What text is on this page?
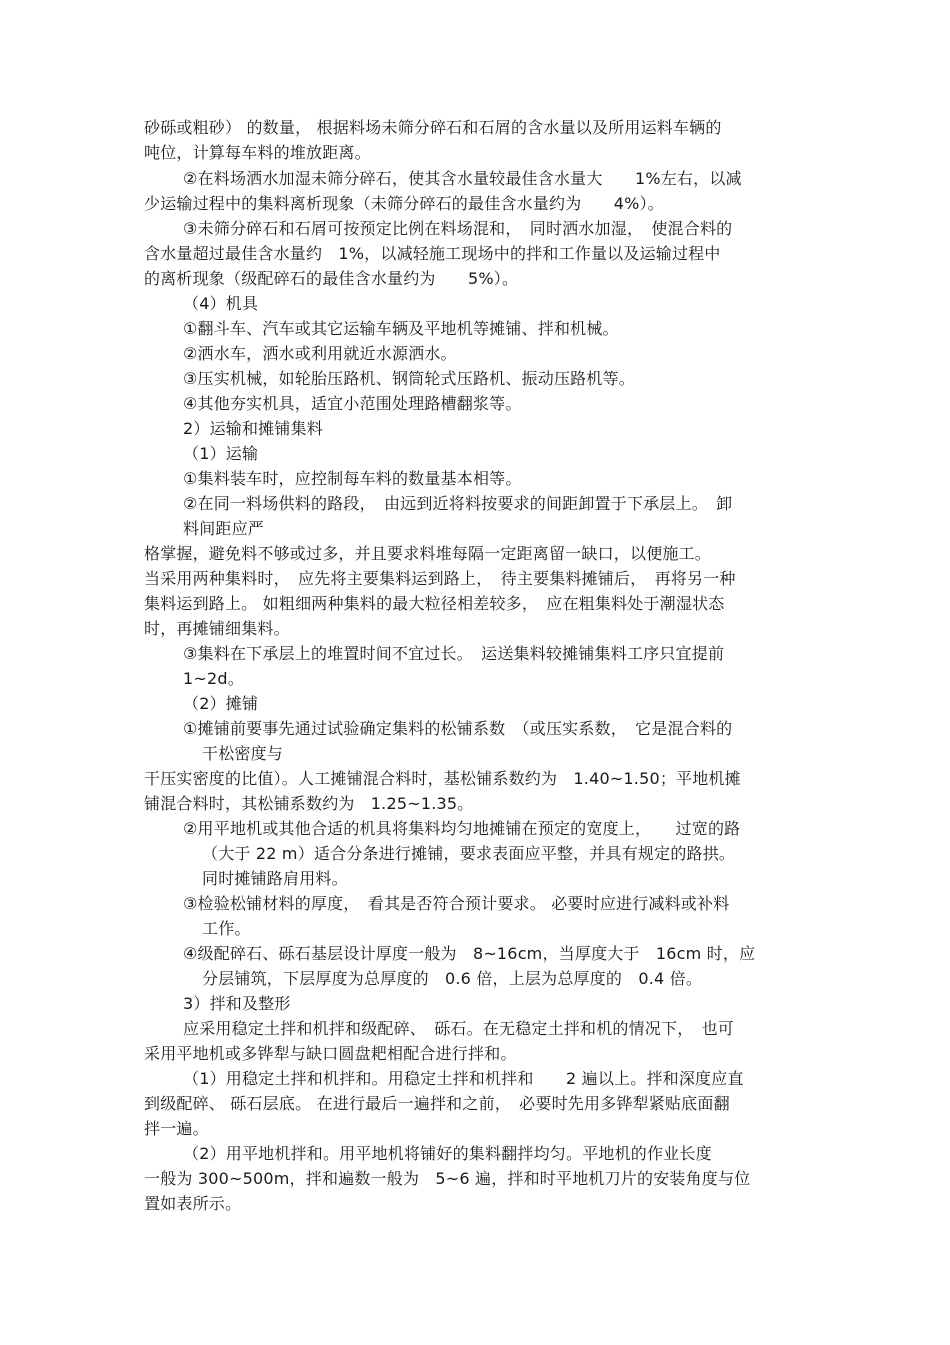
砂砾或粗砂） 的数量， 根据料场未筛分碎石和石屑的含水量以及所用运料车辆的
吨位，计算每车料的堆放距离。
②在料场洒水加湿未筛分碎石，使其含水量较最佳含水量大　　1%左右，以减
少运输过程中的集料离析现象（未筛分碎石的最佳含水量约为　　4%）。
③未筛分碎石和石屑可按预定比例在料场混和，　同时洒水加湿，　使混合料的
含水量超过最佳含水量约　1%，以减轻施工现场中的拌和工作量以及运输过程中
的离析现象（级配碎石的最佳含水量约为　　5%）。
（4）机具
①翻斗车、汽车或其它运输车辆及平地机等摊铺、拌和机械。
②洒水车，洒水或利用就近水源洒水。
③压实机械，如轮胎压路机、钢筒轮式压路机、振动压路机等。
④其他夯实机具，适宜小范围处理路槽翻浆等。
2）运输和摊铺集料
（1）运输
①集料装车时，应控制每车料的数量基本相等。
②在同一料场供料的路段，　由远到近将料按要求的间距卸置于下承层上。　卸
料间距应严
格掌握，避免料不够或过多，并且要求料堆每隔一定距离留一缺口，以便施工。
当采用两种集料时，　应先将主要集料运到路上，　待主要集料摊铺后，　再将另一种
集料运到路上。 如粗细两种集料的最大粒径相差较多，　应在粗集料处于潮湿状态
时，再摊铺细集料。
③集料在下承层上的堆置时间不宜过长。　运送集料较摊铺集料工序只宜提前
1~2d。
（2）摊铺
①摊铺前要事先通过试验确定集料的松铺系数　（或压实系数，　它是混合料的
干松密度与
干压实密度的比值）。人工摊铺混合料时，基松铺系数约为　1.40~1.50；平地机摊
铺混合料时，其松铺系数约为　1.25~1.35。
②用平地机或其他合适的机具将集料均匀地摊铺在预定的宽度上，　　过宽的路
（大于 22 m）适合分条进行摊铺，要求表面应平整，并具有规定的路拱。
同时摊铺路肩用料。
③检验松铺材料的厚度，　看其是否符合预计要求。 必要时应进行减料或补料
工作。
④级配碎石、砾石基层设计厚度一般为　8~16cm，当厚度大于　16cm 时，应
分层铺筑，下层厚度为总厚度的　0.6 倍，上层为总厚度的　0.4 倍。
3）拌和及整形
应采用稳定土拌和机拌和级配碎、　砾石。在无稳定土拌和机的情况下，　也可
采用平地机或多铧犁与缺口圆盘耙相配合进行拌和。
（1）用稳定土拌和机拌和。用稳定土拌和机拌和　　2 遍以上。拌和深度应直
到级配碎、 砾石层底。 在进行最后一遍拌和之前，　必要时先用多铧犁紧贴底面翻
拌一遍。
（2）用平地机拌和。用平地机将铺好的集料翻拌均匀。平地机的作业长度
一般为 300~500m，拌和遍数一般为　5~6 遍，拌和时平地机刀片的安装角度与位
置如表所示。
